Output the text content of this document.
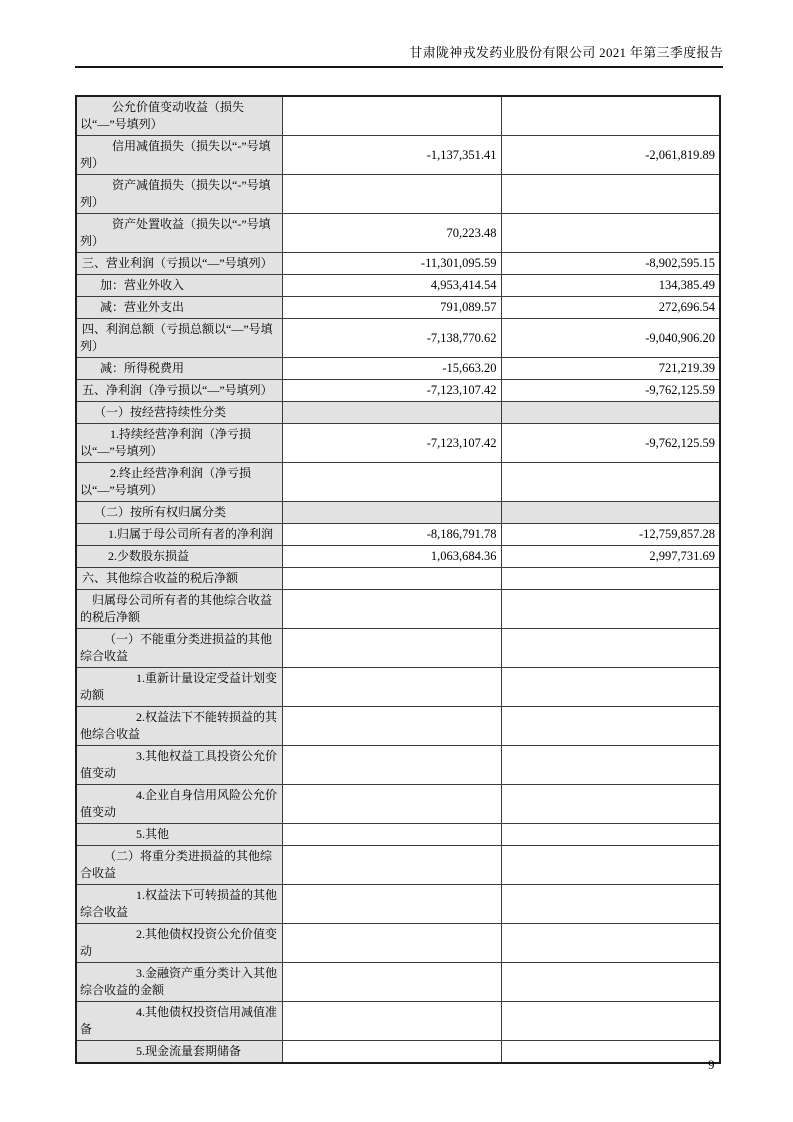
甘肃陇神戎发药业股份有限公司 2021 年第三季度报告
公允价值变动收益（损失以“—”号填列）		
信用减值损失（损失以“-”号填列）	-1,137,351.41	-2,061,819.89
资产减值损失（损失以“-”号填列）		
资产处置收益（损失以“-”号填列）	70,223.48	
三、营业利润（亏损以“—”号填列）	-11,301,095.59	-8,902,595.15
加：营业外收入	4,953,414.54	134,385.49
减：营业外支出	791,089.57	272,696.54
四、利润总额（亏损总额以“—”号填列）	-7,138,770.62	-9,040,906.20
减：所得税费用	-15,663.20	721,219.39
五、净利润（净亏损以“—”号填列）	-7,123,107.42	-9,762,125.59
（一）按经营持续性分类		
1.持续经营净利润（净亏损以“—”号填列）	-7,123,107.42	-9,762,125.59
2.终止经营净利润（净亏损以“—”号填列）		
（二）按所有权归属分类		
1.归属于母公司所有者的净利润	-8,186,791.78	-12,759,857.28
2.少数股东损益	1,063,684.36	2,997,731.69
六、其他综合收益的税后净额		
归属母公司所有者的其他综合收益的税后净额		
（一）不能重分类进损益的其他综合收益		
1.重新计量设定受益计划变动额		
2.权益法下不能转损益的其他综合收益		
3.其他权益工具投资公允价值变动		
4.企业自身信用风险公允价值变动		
5.其他		
（二）将重分类进损益的其他综合收益		
1.权益法下可转损益的其他综合收益		
2.其他债权投资公允价值变动		
3.金融资产重分类计入其他综合收益的金额		
4.其他债权投资信用减值准备		
5.现金流量套期储备		
9
